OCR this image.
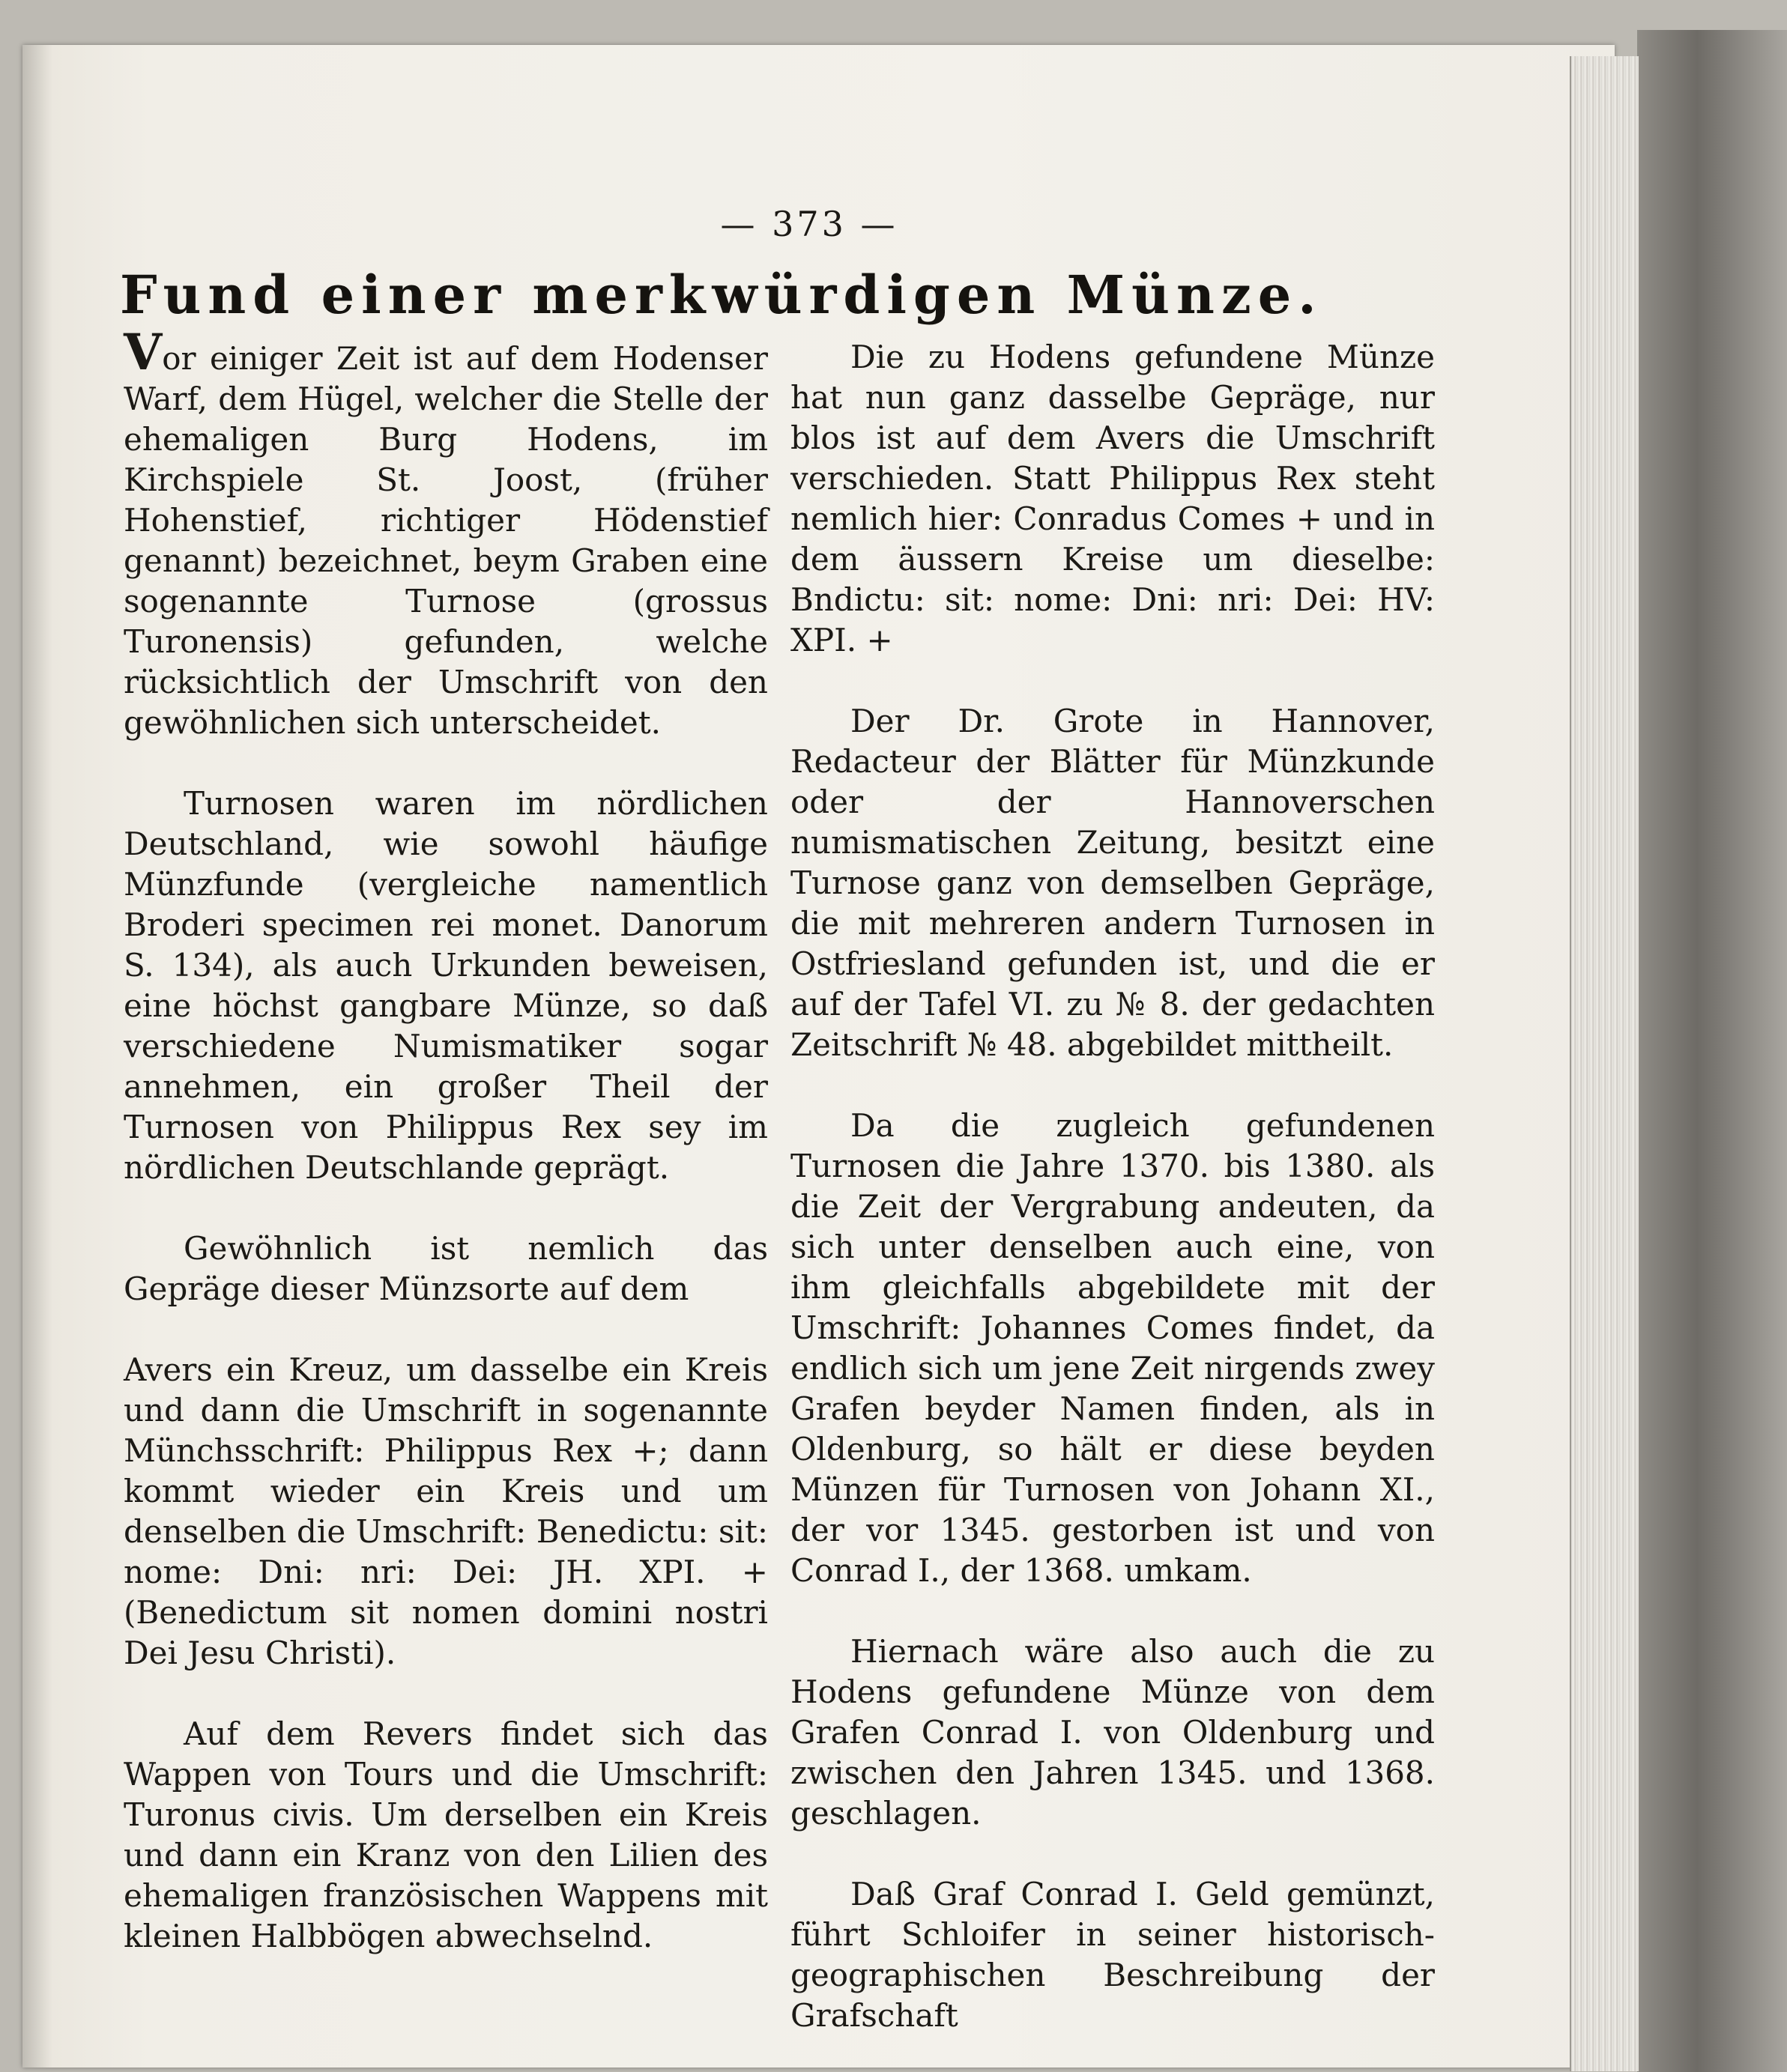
— 373 —
Fund einer merkwürdigen Münze.

Vor einiger Zeit ist auf dem Hodenser Warf, dem Hügel, welcher die Stelle der ehemaligen Burg Hodens, im Kirchspiele St. Joost, (früher Hohenstief, richtiger Hödenstief genannt) bezeichnet, beym Graben eine sogenannte Turnose (grossus Turonensis) gefunden, welche rücksichtlich der Umschrift von den gewöhnlichen sich unterscheidet.

Turnosen waren im nördlichen Deutschland, wie sowohl häufige Münzfunde (vergleiche namentlich Broderi specimen rei monet. Danorum S. 134), als auch Urkunden beweisen, eine höchst gangbare Münze, so daß verschiedene Numismatiker sogar annehmen, ein großer Theil der Turnosen von Philippus Rex sey im nördlichen Deutschlande geprägt.

Gewöhnlich ist nemlich das Gepräge dieser Münzsorte auf dem

Avers ein Kreuz, um dasselbe ein Kreis und dann die Umschrift in sogenannte Münchsschrift: Philippus Rex +; dann kommt wieder ein Kreis und um denselben die Umschrift: Benedictu: sit: nome: Dni: nri: Dei: JH. XPI. + (Benedictum sit nomen domini nostri Dei Jesu Christi).

Auf dem Revers findet sich das Wappen von Tours und die Umschrift: Turonus civis. Um derselben ein Kreis und dann ein Kranz von den Lilien des ehemaligen französischen Wappens mit kleinen Halbbögen abwechselnd.

Die zu Hodens gefundene Münze hat nun ganz dasselbe Gepräge, nur blos ist auf dem Avers die Umschrift verschieden. Statt Philippus Rex steht nemlich hier: Conradus Comes + und in dem äussern Kreise um dieselbe: Bndictu: sit: nome: Dni: nri: Dei: HV: XPI. +

Der Dr. Grote in Hannover, Redacteur der Blätter für Münzkunde oder der Hannoverschen numismatischen Zeitung, besitzt eine Turnose ganz von demselben Gepräge, die mit mehreren andern Turnosen in Ostfriesland gefunden ist, und die er auf der Tafel VI. zu № 8. der gedachten Zeitschrift № 48. abgebildet mittheilt.

Da die zugleich gefundenen Turnosen die Jahre 1370. bis 1380. als die Zeit der Vergrabung andeuten, da sich unter denselben auch eine, von ihm gleichfalls abgebildete mit der Umschrift: Johannes Comes findet, da endlich sich um jene Zeit nirgends zwey Grafen beyder Namen finden, als in Oldenburg, so hält er diese beyden Münzen für Turnosen von Johann XI., der vor 1345. gestorben ist und von Conrad I., der 1368. umkam.

Hiernach wäre also auch die zu Hodens gefundene Münze von dem Grafen Conrad I. von Oldenburg und zwischen den Jahren 1345. und 1368. geschlagen.

Daß Graf Conrad I. Geld gemünzt, führt Schloifer in seiner historisch-geographischen Beschreibung der Grafschaft
